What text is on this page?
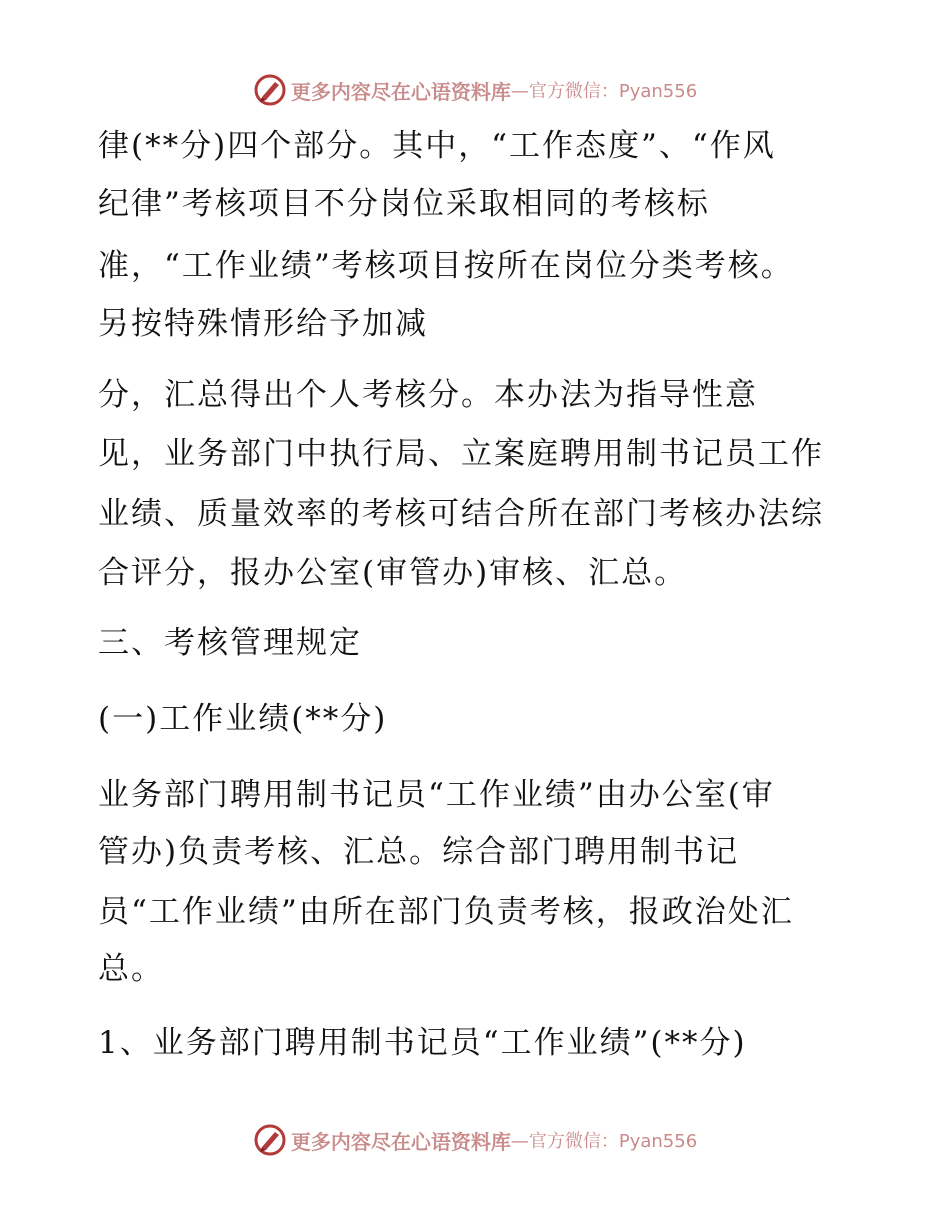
更多内容尽在心语资料库 —官方微信：Pyan556
律(**分)四个部分。其中，“工作态度”、“作风
纪律”考核项目不分岗位采取相同的考核标
准，“工作业绩”考核项目按所在岗位分类考核。
另按特殊情形给予加减
分，汇总得出个人考核分。本办法为指导性意
见，业务部门中执行局、立案庭聘用制书记员工作
业绩、质量效率的考核可结合所在部门考核办法综
合评分，报办公室(审管办)审核、汇总。
三、考核管理规定
(一)工作业绩(**分)
业务部门聘用制书记员“工作业绩”由办公室(审
管办)负责考核、汇总。综合部门聘用制书记
员“工作业绩”由所在部门负责考核，报政治处汇
总。
1、业务部门聘用制书记员“工作业绩”(**分)
更多内容尽在心语资料库 —官方微信：Pyan556
